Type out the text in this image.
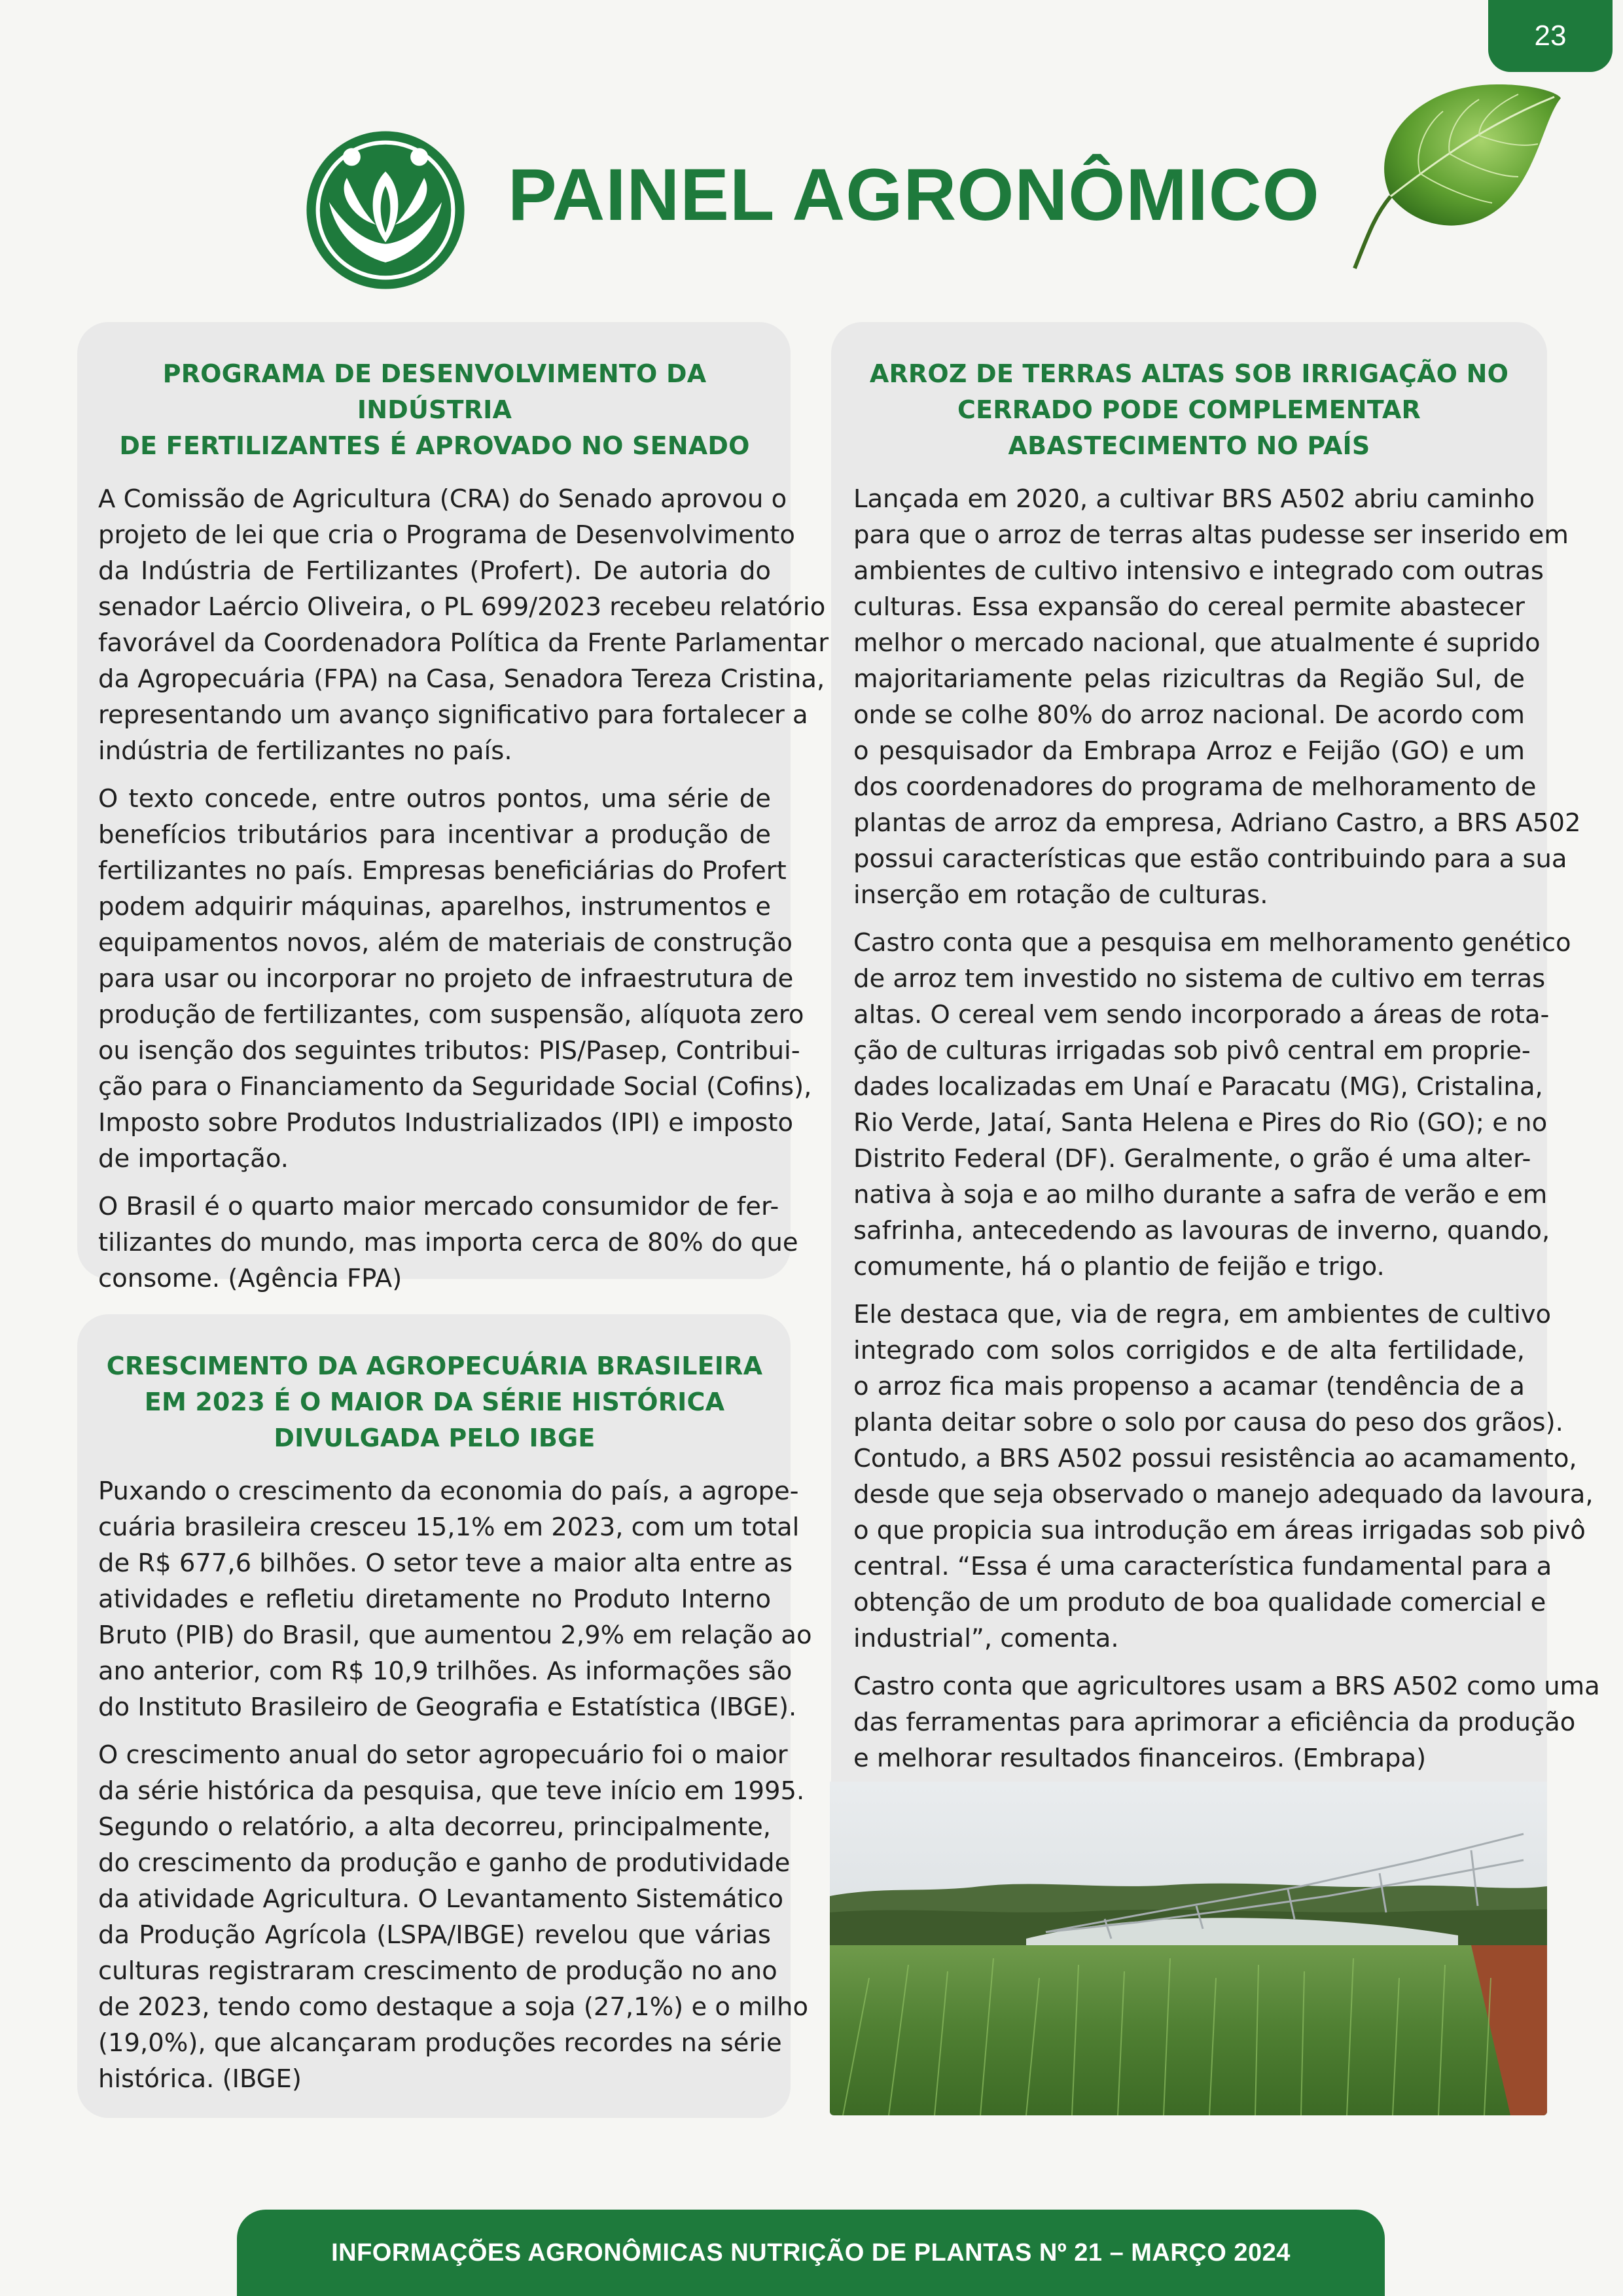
23
PAINEL AGRONÔMICO
PROGRAMA DE DESENVOLVIMENTO DA INDÚSTRIA
DE FERTILIZANTES É APROVADO NO SENADO

A Comissão de Agricultura (CRA) do Senado aprovou o
projeto de lei que cria o Programa de Desenvolvimento
da Indústria de Fertilizantes (Profert). De autoria do
senador Laércio Oliveira, o PL 699/2023 recebeu relatório
favorável da Coordenadora Política da Frente Parlamentar
da Agropecuária (FPA) na Casa, Senadora Tereza Cristina,
representando um avanço significativo para fortalecer a
indústria de fertilizantes no país.

O texto concede, entre outros pontos, uma série de
benefícios tributários para incentivar a produção de
fertilizantes no país. Empresas beneficiárias do Profert
podem adquirir máquinas, aparelhos, instrumentos e
equipamentos novos, além de materiais de construção
para usar ou incorporar no projeto de infraestrutura de
produção de fertilizantes, com suspensão, alíquota zero
ou isenção dos seguintes tributos: PIS/Pasep, Contribui-
ção para o Financiamento da Seguridade Social (Cofins),
Imposto sobre Produtos Industrializados (IPI) e imposto
de importação.

O Brasil é o quarto maior mercado consumidor de fer-
tilizantes do mundo, mas importa cerca de 80% do que
consome. (Agência FPA)

CRESCIMENTO DA AGROPECUÁRIA BRASILEIRA
EM 2023 É O MAIOR DA SÉRIE HISTÓRICA
DIVULGADA PELO IBGE

Puxando o crescimento da economia do país, a agrope-
cuária brasileira cresceu 15,1% em 2023, com um total
de R$ 677,6 bilhões. O setor teve a maior alta entre as
atividades e refletiu diretamente no Produto Interno
Bruto (PIB) do Brasil, que aumentou 2,9% em relação ao
ano anterior, com R$ 10,9 trilhões. As informações são
do Instituto Brasileiro de Geografia e Estatística (IBGE).

O crescimento anual do setor agropecuário foi o maior
da série histórica da pesquisa, que teve início em 1995.
Segundo o relatório, a alta decorreu, principalmente,
do crescimento da produção e ganho de produtividade
da atividade Agricultura. O Levantamento Sistemático
da Produção Agrícola (LSPA/IBGE) revelou que várias
culturas registraram crescimento de produção no ano
de 2023, tendo como destaque a soja (27,1%) e o milho
(19,0%), que alcançaram produções recordes na série
histórica. (IBGE)

ARROZ DE TERRAS ALTAS SOB IRRIGAÇÃO NO
CERRADO PODE COMPLEMENTAR
ABASTECIMENTO NO PAÍS

Lançada em 2020, a cultivar BRS A502 abriu caminho
para que o arroz de terras altas pudesse ser inserido em
ambientes de cultivo intensivo e integrado com outras
culturas. Essa expansão do cereal permite abastecer
melhor o mercado nacional, que atualmente é suprido
majoritariamente pelas rizicultras da Região Sul, de
onde se colhe 80% do arroz nacional. De acordo com
o pesquisador da Embrapa Arroz e Feijão (GO) e um
dos coordenadores do programa de melhoramento de
plantas de arroz da empresa, Adriano Castro, a BRS A502
possui características que estão contribuindo para a sua
inserção em rotação de culturas.

Castro conta que a pesquisa em melhoramento genético
de arroz tem investido no sistema de cultivo em terras
altas. O cereal vem sendo incorporado a áreas de rota-
ção de culturas irrigadas sob pivô central em proprie-
dades localizadas em Unaí e Paracatu (MG), Cristalina,
Rio Verde, Jataí, Santa Helena e Pires do Rio (GO); e no
Distrito Federal (DF). Geralmente, o grão é uma alter-
nativa à soja e ao milho durante a safra de verão e em
safrinha, antecedendo as lavouras de inverno, quando,
comumente, há o plantio de feijão e trigo.

Ele destaca que, via de regra, em ambientes de cultivo
integrado com solos corrigidos e de alta fertilidade,
o arroz fica mais propenso a acamar (tendência de a
planta deitar sobre o solo por causa do peso dos grãos).
Contudo, a BRS A502 possui resistência ao acamamento,
desde que seja observado o manejo adequado da lavoura,
o que propicia sua introdução em áreas irrigadas sob pivô
central. “Essa é uma característica fundamental para a
obtenção de um produto de boa qualidade comercial e
industrial”, comenta.

Castro conta que agricultores usam a BRS A502 como uma
das ferramentas para aprimorar a eficiência da produção
e melhorar resultados financeiros. (Embrapa)

INFORMAÇÕES AGRONÔMICAS NUTRIÇÃO DE PLANTAS Nº 21 – MARÇO 2024
